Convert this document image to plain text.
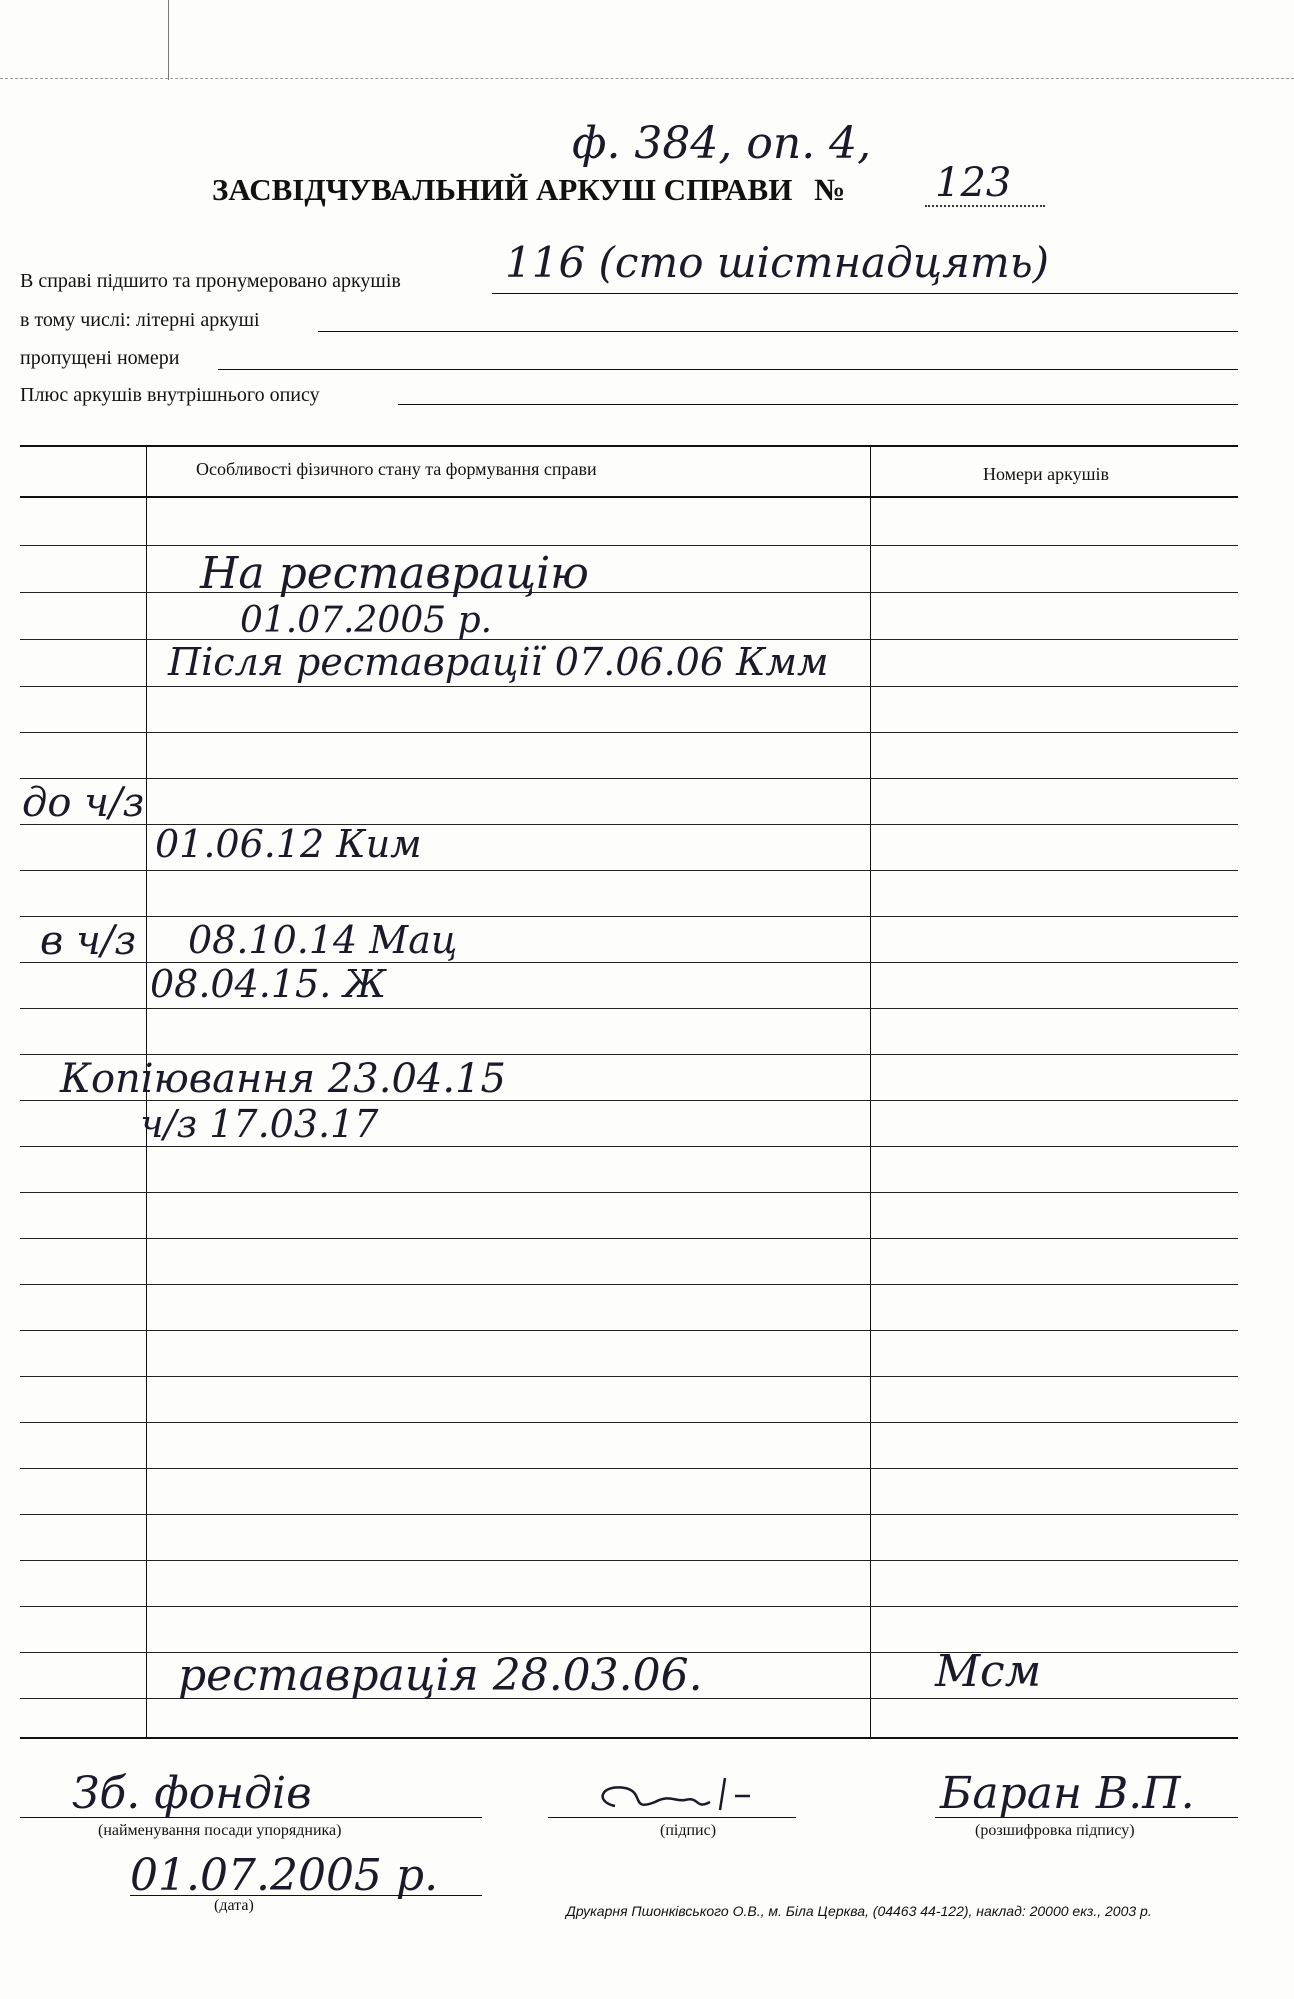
ф. 384, оп. 4,
ЗАСВІДЧУВАЛЬНИЙ АРКУШ СПРАВИ № 123
В справі підшито та пронумеровано аркушів 116 (сто шістнадцять)
в тому числі: літерні аркуші
пропущені номери
Плюс аркушів внутрішнього опису
Особливості фізичного стану та формування справи	Номери аркушів
На реставрацію
01.07.2005 р.
Після реставрації 07.06.06 Кмм
до ч/з
01.06.12 Ким
в ч/з 08.10.14 Мац
08.04.15. Ж
Копіювання 23.04.15
ч/з 17.03.17
реставрація 28.03.06.	Мсм
Зб. фондів
(найменування посади упорядника)	(підпис)
Баран В.П.
(розшифровка підпису)
01.07.2005 р.
(дата)	Друкарня Пшонківського О.В., м. Біла Церква, (04463 44-122), наклад: 20000 екз., 2003 р.
